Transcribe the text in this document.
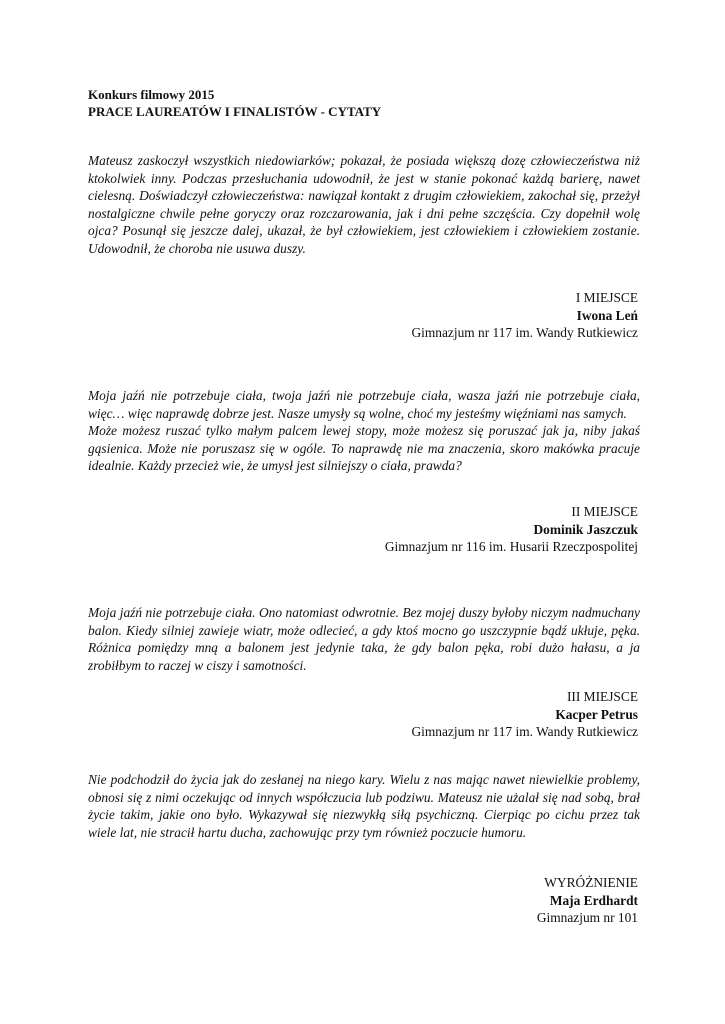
Konkurs filmowy 2015
PRACE LAUREATÓW I FINALISTÓW - CYTATY

Mateusz zaskoczył wszystkich niedowiarków; pokazał, że posiada większą dozę człowieczeństwa niż ktokolwiek inny. Podczas przesłuchania udowodnił, że jest w stanie pokonać każdą barierę, nawet cielesną. Doświadczył człowieczeństwa: nawiązał kontakt z drugim człowiekiem, zakochał się, przeżył nostalgiczne chwile pełne goryczy oraz rozczarowania, jak i dni pełne szczęścia. Czy dopełnił wolę ojca? Posunął się jeszcze dalej, ukazał, że był człowiekiem, jest człowiekiem i człowiekiem zostanie. Udowodnił, że choroba nie usuwa duszy.

I MIEJSCE
Iwona Leń
Gimnazjum nr 117 im. Wandy Rutkiewicz

Moja jaźń nie potrzebuje ciała, twoja jaźń nie potrzebuje ciała, wasza jaźń nie potrzebuje ciała, więc… więc naprawdę dobrze jest. Nasze umysły są wolne, choć my jesteśmy więźniami nas samych.

Może możesz ruszać tylko małym palcem lewej stopy, może możesz się poruszać jak ja, niby jakaś gąsienica. Może nie poruszasz się w ogóle. To naprawdę nie ma znaczenia, skoro makówka pracuje idealnie. Każdy przecież wie, że umysł jest silniejszy o ciała, prawda?

II MIEJSCE
Dominik Jaszczuk
Gimnazjum nr 116 im. Husarii Rzeczpospolitej

Moja jaźń nie potrzebuje ciała. Ono natomiast odwrotnie. Bez mojej duszy byłoby niczym nadmuchany balon. Kiedy silniej zawieje wiatr, może odlecieć, a gdy ktoś mocno go uszczypnie bądź ukłuje, pęka. Różnica pomiędzy mną a balonem jest jedynie taka, że gdy balon pęka, robi dużo hałasu, a ja zrobiłbym to raczej w ciszy i samotności.

III MIEJSCE
Kacper Petrus
Gimnazjum nr 117 im. Wandy Rutkiewicz

Nie podchodził do życia jak do zesłanej na niego kary. Wielu z nas mając nawet niewielkie problemy, obnosi się z nimi oczekując od innych współczucia lub podziwu. Mateusz nie użalał się nad sobą, brał życie takim, jakie ono było. Wykazywał się niezwykłą siłą psychiczną. Cierpiąc po cichu przez tak wiele lat, nie stracił hartu ducha, zachowując przy tym również poczucie humoru.

WYRÓŻNIENIE
Maja Erdhardt
Gimnazjum nr 101
